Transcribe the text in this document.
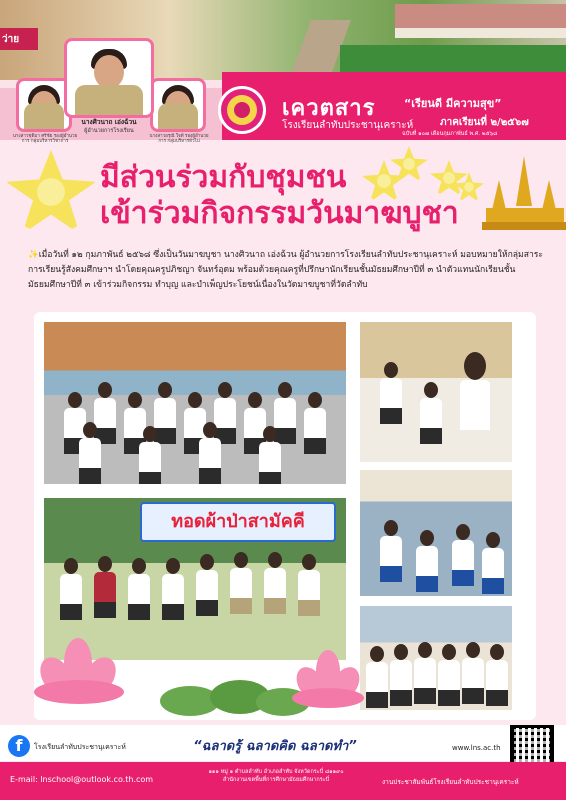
ว่าย
นางศิวนาถ เอ่งฉ้วน
ผู้อำนวยการโรงเรียน
นางสาวชุติมา ศรีชัย รองผู้อำนวยการ กลุ่มบริหารวิชาการ
นางสาวอรุณี ใจดี รองผู้อำนวยการ กลุ่มบริหารทั่วไป
เควตสาร
โรงเรียนลำทับประชานุเคราะห์
“เรียนดี มีความสุข”
ภาคเรียนที่ ๒/๒๕๖๗
ฉบับที่ ๑๐๗ เดือนกุมภาพันธ์ พ.ศ. ๒๕๖๘
มีส่วนร่วมกับชุมชน
เข้าร่วมกิจกรรมวันมาฆบูชา
✨เมื่อวันที่ ๑๒ กุมภาพันธ์ ๒๕๖๘ ซึ่งเป็นวันมาฆบูชา นางศิวนาถ เอ่งฉ้วน ผู้อำนวยการโรงเรียนลำทับประชานุเคราะห์ มอบหมายให้กลุ่มสาระการเรียนรู้สังคมศึกษาฯ นำโดยคุณครูปภิชญา จันทร์อุดม พร้อมด้วยคุณครูที่ปรึกษานักเรียนชั้นมัธยมศึกษาปีที่ ๓ นำตัวแทนนักเรียนชั้นมัธยมศึกษาปีที่ ๓ เข้าร่วมกิจกรรม ทำบุญ และบำเพ็ญประโยชน์เนื่องในวัดมาฆบูชาที่วัดลำทับ
ทอดผ้าป่าสามัคคี
f	โรงเรียนลำทับประชานุเคราะห์	“ฉลาดรู้ ฉลาดคิด ฉลาดทำ”	www.lns.ac.th
E-mail: lnschool@outlook.co.th.com
๑๑๑ หมู่ ๑ ตำบลลำทับ อำเภอลำทับ จังหวัดกระบี่ ๘๑๑๙๐
สำนักงานเขตพื้นที่การศึกษามัธยมศึกษากระบี่	งานประชาสัมพันธ์โรงเรียนลำทับประชานุเคราะห์
